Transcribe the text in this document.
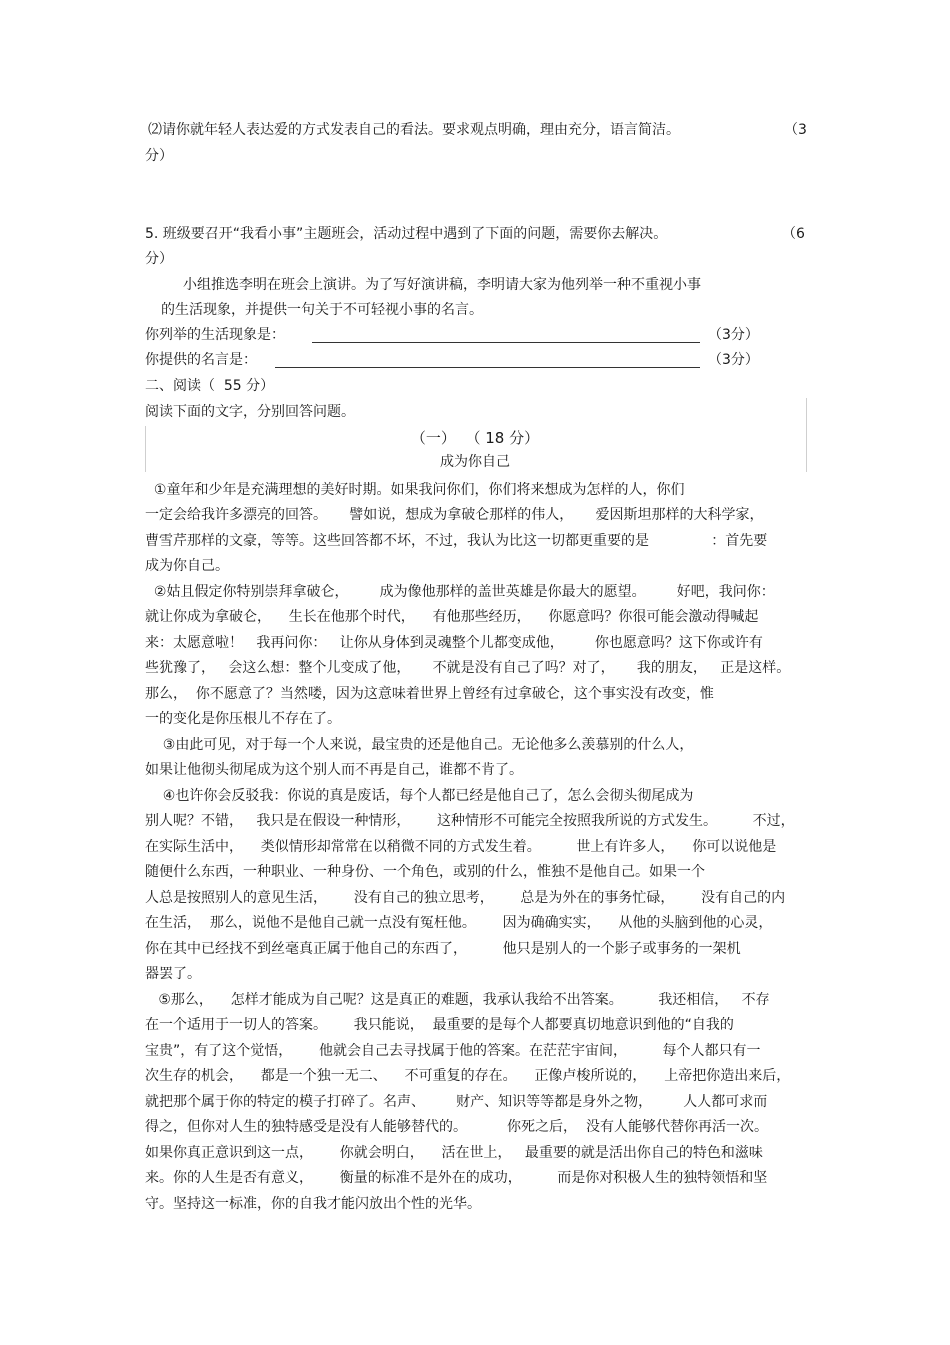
⑵请你就年轻人表达爱的方式发表自己的看法。要求观点明确，理由充分，语言简洁。	（3
分）
5. 班级要召开“我看小事”主题班会，活动过程中遇到了下面的问题，需要你去解决。	（6
分）
小组推选李明在班会上演讲。为了写好演讲稿，李明请大家为他列举一种不重视小事
的生活现象，并提供一句关于不可轻视小事的名言。
你列举的生活现象是：	（3分）
你提供的名言是：	（3分）
二、阅读（  55 分）
阅读下面的文字，分别回答问题。
（一）  （ 18 分）
成为你自己
①童年和少年是充满理想的美好时期。如果我问你们，你们将来想成为怎样的人，你们
一定会给我许多漂亮的回答。     譬如说，想成为拿破仑那样的伟人，     爱因斯坦那样的大科学家，
曹雪芹那样的文豪，等等。这些回答都不坏，不过，我认为比这一切都更重要的是              ：首先要
成为你自己。
②姑且假定你特别崇拜拿破仑，       成为像他那样的盖世英雄是你最大的愿望。       好吧，我问你：
就让你成为拿破仑，    生长在他那个时代，    有他那些经历，    你愿意吗？你很可能会激动得喊起
来：太愿意啦！   我再问你：   让你从身体到灵魂整个儿都变成他，       你也愿意吗？这下你或许有
些犹豫了，   会这么想：整个儿变成了他，     不就是没有自己了吗？对了，     我的朋友，   正是这样。
那么，  你不愿意了？当然喽，因为这意味着世界上曾经有过拿破仑，这个事实没有改变，惟
一的变化是你压根儿不存在了。
③由此可见，对于每一个人来说，最宝贵的还是他自己。无论他多么羡慕别的什么人，
如果让他彻头彻尾成为这个别人而不再是自己，谁都不肯了。
④也许你会反驳我：你说的真是废话，每个人都已经是他自己了，怎么会彻头彻尾成为
别人呢？不错，   我只是在假设一种情形，      这种情形不可能完全按照我所说的方式发生。        不过，
在实际生活中，    类似情形却常常在以稍微不同的方式发生着。        世上有许多人，    你可以说他是
随便什么东西，一种职业、一种身份、一个角色，或别的什么，惟独不是他自己。如果一个
人总是按照别人的意见生活，      没有自己的独立思考，      总是为外在的事务忙碌，      没有自己的内
在生活，  那么，说他不是他自己就一点没有冤枉他。      因为确确实实，    从他的头脑到他的心灵，
你在其中已经找不到丝毫真正属于他自己的东西了，        他只是别人的一个影子或事务的一架机
器罢了。
⑤那么，    怎样才能成为自己呢？这是真正的难题，我承认我给不出答案。        我还相信，   不存
在一个适用于一切人的答案。      我只能说，  最重要的是每个人都要真切地意识到他的“自我的
宝贵”，有了这个觉悟，      他就会自己去寻找属于他的答案。在茫茫宇宙间，        每个人都只有一
次生存的机会，    都是一个独一无二、    不可重复的存在。    正像卢梭所说的，    上帝把你造出来后，
就把那个属于你的特定的模子打碎了。名声、       财产、知识等等都是身外之物，       人人都可求而
得之，但你对人生的独特感受是没有人能够替代的。         你死之后，  没有人能够代替你再活一次。
如果你真正意识到这一点，      你就会明白，    活在世上，   最重要的就是活出你自己的特色和滋味
来。你的人生是否有意义，      衡量的标准不是外在的成功，        而是你对积极人生的独特领悟和坚
守。坚持这一标准，你的自我才能闪放出个性的光华。
